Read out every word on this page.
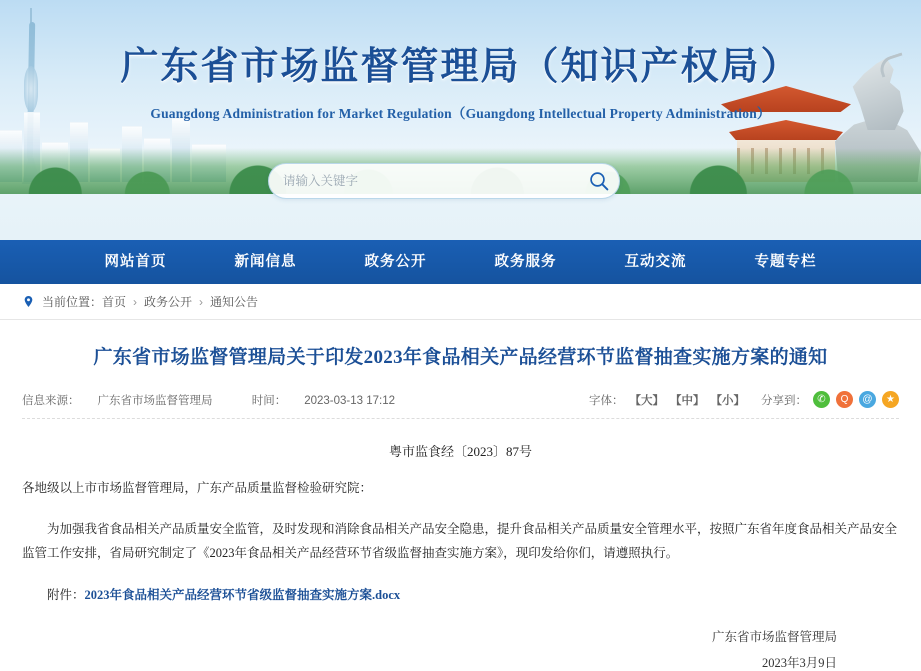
广东省市场监督管理局（知识产权局）
Guangdong Administration for Market Regulation（Guangdong Intellectual Property Administration）
请输入关键字
网站首页	新闻信息	政务公开	政务服务	互动交流	专题专栏
当前位置： 首页 › 政务公开 › 通知公告
广东省市场监督管理局关于印发2023年食品相关产品经营环节监督抽查实施方案的通知
信息来源： 广东省市场监督管理局	时间： 2023-03-13 17:12	字体： 【大】 【中】 【小】 分享到：	✆	Q	@	★
粤市监食经〔2023〕87号
各地级以上市市场监督管理局，广东产品质量监督检验研究院：
为加强我省食品相关产品质量安全监管，及时发现和消除食品相关产品安全隐患，提升食品相关产品质量安全管理水平，按照广东省年度食品相关产品安全监管工作安排，省局研究制定了《2023年食品相关产品经营环节省级监督抽查实施方案》，现印发给你们，请遵照执行。
附件：2023年食品相关产品经营环节省级监督抽查实施方案.docx
广东省市场监督管理局
2023年3月9日
